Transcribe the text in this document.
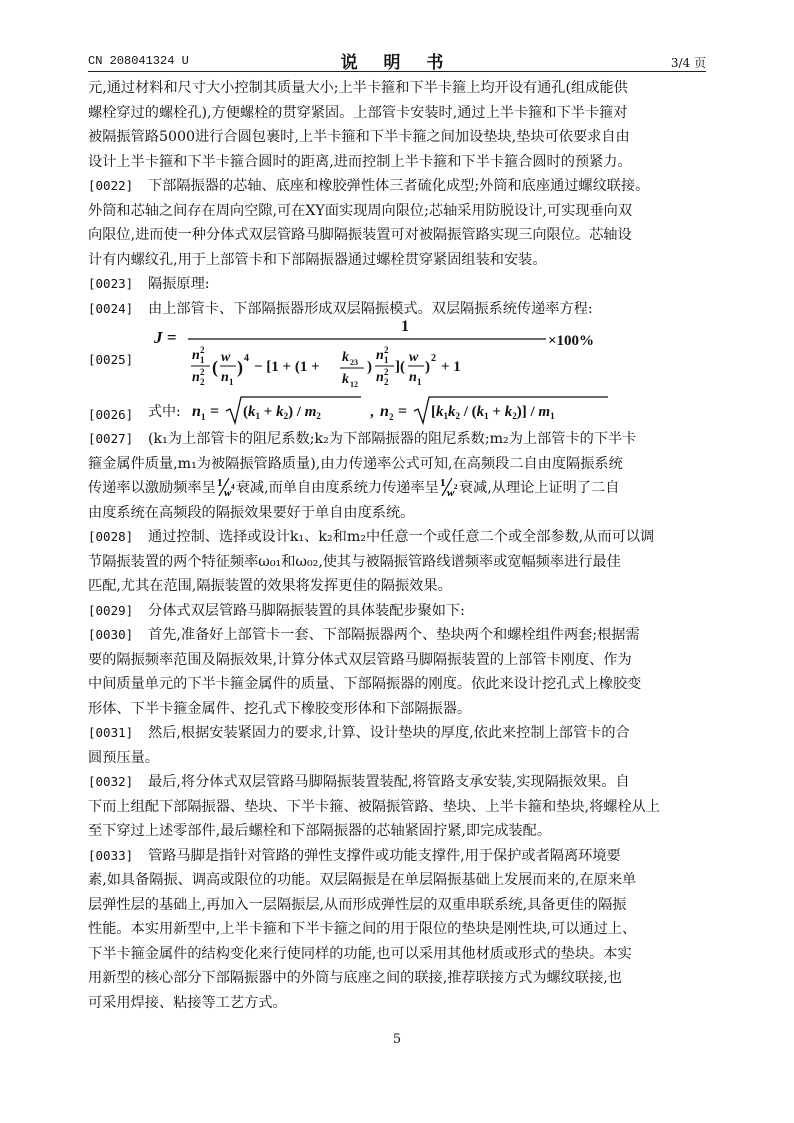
CN 208041324 U	说 明 书	3/4 页
元,通过材料和尺寸大小控制其质量大小;上半卡箍和下半卡箍上均开设有通孔(组成能供
螺栓穿过的螺栓孔),方便螺栓的贯穿紧固。上部管卡安装时,通过上半卡箍和下半卡箍对
被隔振管路5000进行合圆包裹时,上半卡箍和下半卡箍之间加设垫块,垫块可依要求自由
设计上半卡箍和下半卡箍合圆时的距离,进而控制上半卡箍和下半卡箍合圆时的预紧力。
[0022] 下部隔振器的芯轴、底座和橡胶弹性体三者硫化成型;外筒和底座通过螺纹联接。
外筒和芯轴之间存在周向空隙,可在XY面实现周向限位;芯轴采用防脱设计,可实现垂向双
向限位,进而使一种分体式双层管路马脚隔振装置可对被隔振管路实现三向限位。芯轴设
计有内螺纹孔,用于上部管卡和下部隔振器通过螺栓贯穿紧固组装和安装。
[0023] 隔振原理:
[0024] 由上部管卡、下部隔振器形成双层隔振模式。双层隔振系统传递率方程:
[0025]
J =
1
×100%
n 1
2
n 2
2 ( w
n 1
) 4
− [1 + (1 +
k 23
k 12
)
n 1
2
n 2
2 ](
w
n 1
)
2
+ 1
[0026]	式中: n $1 = (k_1 + k_2) / m_2$	, n $2 = [k_1k_2 / (k_1 + k_2)] / m_1$
[0027] (k₁为上部管卡的阻尼系数;k₂为下部隔振器的阻尼系数;m₂为上部管卡的下半卡
箍金属件质量,m₁为被隔振管路质量),由力传递率公式可知,在高频段二自由度隔振系统
传递率以激励频率呈 1
w 4 衰减,而单自由度系统力传递率呈 1
w 2 衰减,从理论上证明了二自
由度系统在高频段的隔振效果要好于单自由度系统。
[0028] 通过控制、选择或设计k₁、k₂和m₂中任意一个或任意二个或全部参数,从而可以调
节隔振装置的两个特征频率ω₀₁和ω₀₂,使其与被隔振管路线谱频率或宽幅频率进行最佳
匹配,尤其在范围,隔振装置的效果将发挥更佳的隔振效果。
[0029] 分体式双层管路马脚隔振装置的具体装配步聚如下:
[0030] 首先,准备好上部管卡一套、下部隔振器两个、垫块两个和螺栓组件两套;根据需
要的隔振频率范围及隔振效果,计算分体式双层管路马脚隔振装置的上部管卡刚度、作为
中间质量单元的下半卡箍金属件的质量、下部隔振器的刚度。依此来设计挖孔式上橡胶变
形体、下半卡箍金属件、挖孔式下橡胶变形体和下部隔振器。
[0031] 然后,根据安装紧固力的要求,计算、设计垫块的厚度,依此来控制上部管卡的合
圆预压量。
[0032] 最后,将分体式双层管路马脚隔振装置装配,将管路支承安装,实现隔振效果。自
下而上组配下部隔振器、垫块、下半卡箍、被隔振管路、垫块、上半卡箍和垫块,将螺栓从上
至下穿过上述零部件,最后螺栓和下部隔振器的芯轴紧固拧紧,即完成装配。
[0033] 管路马脚是指针对管路的弹性支撑件或功能支撑件,用于保护或者隔离环境要
素,如具备隔振、调高或限位的功能。双层隔振是在单层隔振基础上发展而来的,在原来单
层弹性层的基础上,再加入一层隔振层,从而形成弹性层的双重串联系统,具备更佳的隔振
性能。本实用新型中,上半卡箍和下半卡箍之间的用于限位的垫块是刚性块,可以通过上、
下半卡箍金属件的结构变化来行使同样的功能,也可以采用其他材质或形式的垫块。本实
用新型的核心部分下部隔振器中的外筒与底座之间的联接,推荐联接方式为螺纹联接,也
可采用焊接、粘接等工艺方式。
5
